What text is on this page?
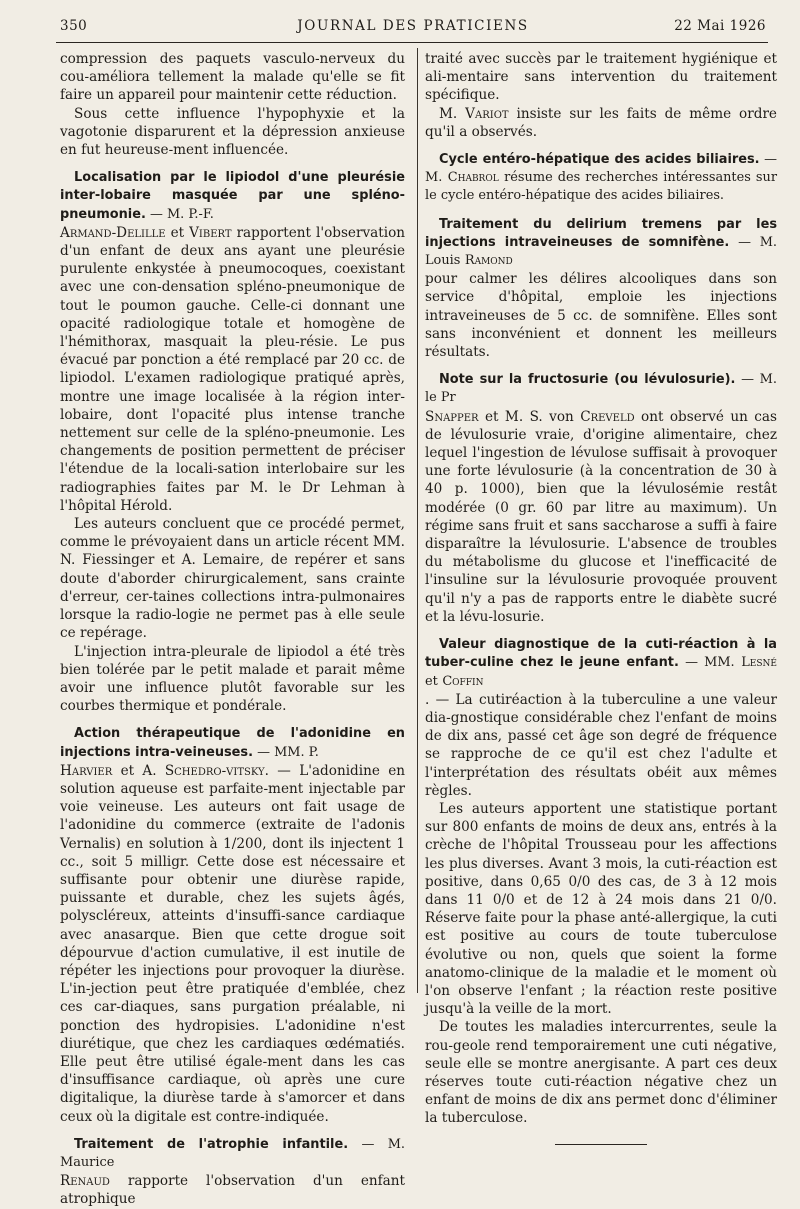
350	JOURNAL DES PRATICIENS	22 Mai 1926

compression des paquets vasculo-nerveux du cou-améliora tellement la malade qu'elle se fit faire un appareil pour maintenir cette réduction.

Sous cette influence l'hypophyxie et la vagotonie disparurent et la dépression anxieuse en fut heureuse-ment influencée.

Localisation par le lipiodol d'une pleurésie inter-lobaire masquée par une spléno-pneumonie. — M. P.-F.

Armand-Delille et Vibert rapportent l'observation d'un enfant de deux ans ayant une pleurésie purulente enkystée à pneumocoques, coexistant avec une con-densation spléno-pneumonique de tout le poumon gauche. Celle-ci donnant une opacité radiologique totale et homogène de l'hémithorax, masquait la pleu-résie. Le pus évacué par ponction a été remplacé par 20 cc. de lipiodol. L'examen radiologique pratiqué après, montre une image localisée à la région inter-lobaire, dont l'opacité plus intense tranche nettement sur celle de la spléno-pneumonie. Les changements de position permettent de préciser l'étendue de la locali-sation interlobaire sur les radiographies faites par M. le Dr Lehman à l'hôpital Hérold.

Les auteurs concluent que ce procédé permet, comme le prévoyaient dans un article récent MM. N. Fiessinger et A. Lemaire, de repérer et sans doute d'aborder chirurgicalement, sans crainte d'erreur, cer-taines collections intra-pulmonaires lorsque la radio-logie ne permet pas à elle seule ce repérage.

L'injection intra-pleurale de lipiodol a été très bien tolérée par le petit malade et parait même avoir une influence plutôt favorable sur les courbes thermique et pondérale.

Action thérapeutique de l'adonidine en injections intra-veineuses. — MM. P.

Harvier et A. Schedro-vitsky. — L'adonidine en solution aqueuse est parfaite-ment injectable par voie veineuse. Les auteurs ont fait usage de l'adonidine du commerce (extraite de l'adonis Vernalis) en solution à 1/200, dont ils injectent 1 cc., soit 5 milligr. Cette dose est nécessaire et suffisante pour obtenir une diurèse rapide, puissante et durable, chez les sujets âgés, polyscléreux, atteints d'insuffi-sance cardiaque avec anasarque. Bien que cette drogue soit dépourvue d'action cumulative, il est inutile de répéter les injections pour provoquer la diurèse. L'in-jection peut être pratiquée d'emblée, chez ces car-diaques, sans purgation préalable, ni ponction des hydropisies. L'adonidine n'est diurétique, que chez les cardiaques œdématiés. Elle peut être utilisé égale-ment dans les cas d'insuffisance cardiaque, où après une cure digitalique, la diurèse tarde à s'amorcer et dans ceux où la digitale est contre-indiquée.

Traitement de l'atrophie infantile. — M. Maurice

Renaud rapporte l'observation d'un enfant atrophique

traité avec succès par le traitement hygiénique et ali-mentaire sans intervention du traitement spécifique.

M. Variot insiste sur les faits de même ordre qu'il a observés.

Cycle entéro-hépatique des acides biliaires. — M. Chabrol résume des recherches intéressantes sur le cycle entéro-hépatique des acides biliaires.
Traitement du delirium tremens par les injections intraveineuses de somnifène. — M. Louis Ramond

pour calmer les délires alcooliques dans son service d'hôpital, emploie les injections intraveineuses de 5 cc. de somnifène. Elles sont sans inconvénient et donnent les meilleurs résultats.

Note sur la fructosurie (ou lévulosurie). — M. le Pr

Snapper et M. S. von Creveld ont observé un cas de lévulosurie vraie, d'origine alimentaire, chez lequel l'ingestion de lévulose suffisait à provoquer une forte lévulosurie (à la concentration de 30 à 40 p. 1000), bien que la lévulosémie restât modérée (0 gr. 60 par litre au maximum). Un régime sans fruit et sans saccharose a suffi à faire disparaître la lévulosurie. L'absence de troubles du métabolisme du glucose et l'inefficacité de l'insuline sur la lévulosurie provoquée prouvent qu'il n'y a pas de rapports entre le diabète sucré et la lévu-losurie.

Valeur diagnostique de la cuti-réaction à la tuber-culine chez le jeune enfant. — MM. Lesné et Coffin

. — La cutiréaction à la tuberculine a une valeur dia-gnostique considérable chez l'enfant de moins de dix ans, passé cet âge son degré de fréquence se rapproche de ce qu'il est chez l'adulte et l'interprétation des résultats obéit aux mêmes règles.

Les auteurs apportent une statistique portant sur 800 enfants de moins de deux ans, entrés à la crèche de l'hôpital Trousseau pour les affections les plus diverses. Avant 3 mois, la cuti-réaction est positive, dans 0,65 0/0 des cas, de 3 à 12 mois dans 11 0/0 et de 12 à 24 mois dans 21 0/0. Réserve faite pour la phase anté-allergique, la cuti est positive au cours de toute tuberculose évolutive ou non, quels que soient la forme anatomo-clinique de la maladie et le moment où l'on observe l'enfant ; la réaction reste positive jusqu'à la veille de la mort.

De toutes les maladies intercurrentes, seule la rou-geole rend temporairement une cuti négative, seule elle se montre anergisante. A part ces deux réserves toute cuti-réaction négative chez un enfant de moins de dix ans permet donc d'éliminer la tuberculose.
